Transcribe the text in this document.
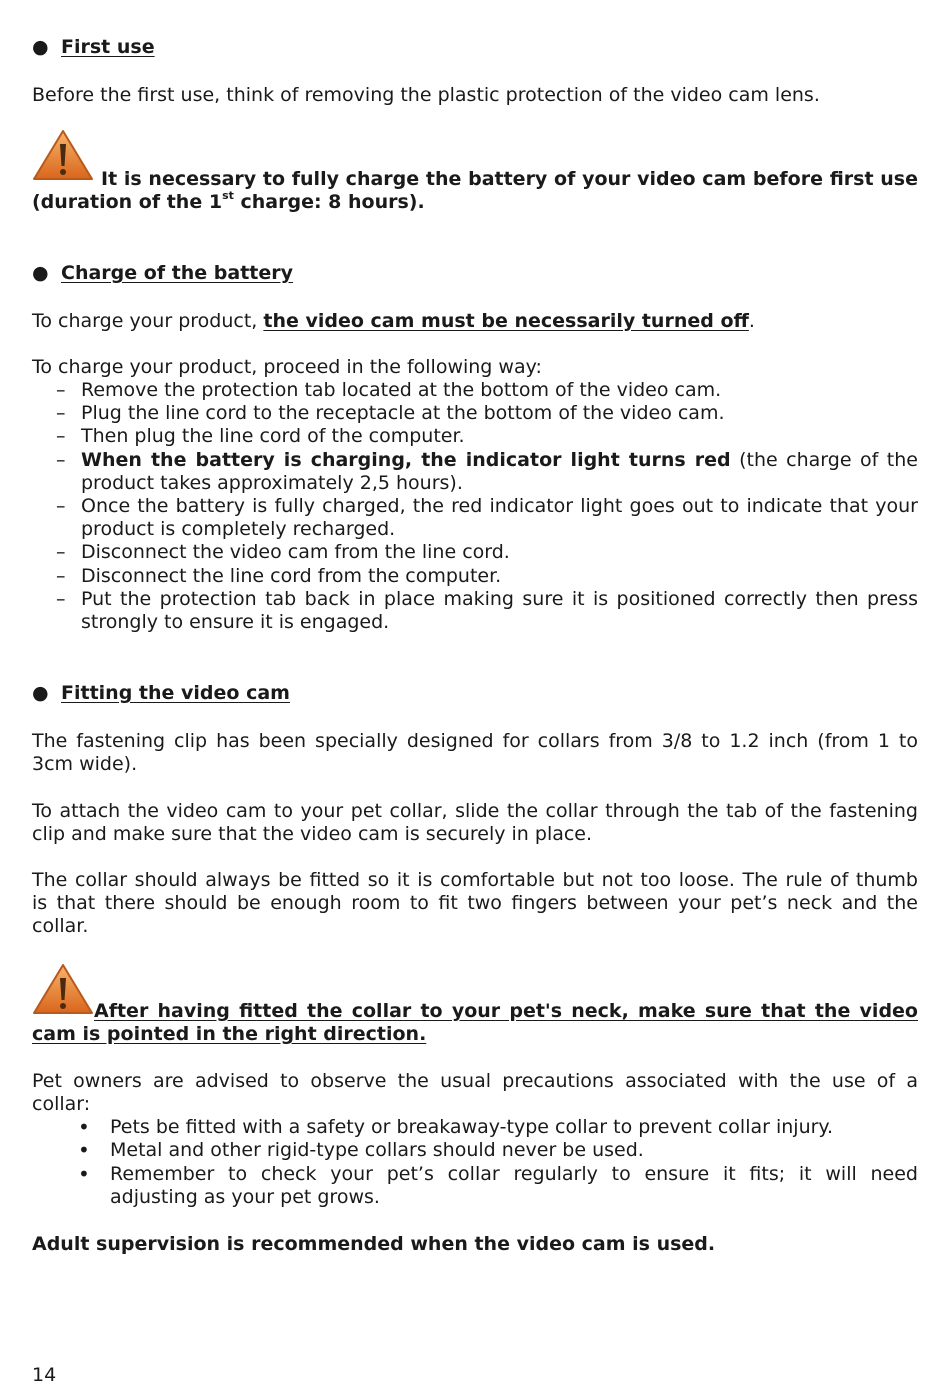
● First use
Before the first use, think of removing the plastic protection of the video cam lens.
It is necessary to fully charge the battery of your video cam before first use
(duration of the 1st charge: 8 hours).
● Charge of the battery
To charge your product, the video cam must be necessarily turned off.
To charge your product, proceed in the following way:
– Remove the protection tab located at the bottom of the video cam.
– Plug the line cord to the receptacle at the bottom of the video cam.
– Then plug the line cord of the computer.
– When the battery is charging, the indicator light turns red (the charge of the
product takes approximately 2,5 hours).
– Once the battery is fully charged, the red indicator light goes out to indicate that your
product is completely recharged.
– Disconnect the video cam from the line cord.
– Disconnect the line cord from the computer.
– Put the protection tab back in place making sure it is positioned correctly then press
strongly to ensure it is engaged.
● Fitting the video cam
The fastening clip has been specially designed for collars from 3/8 to 1.2 inch (from 1 to
3cm wide).
To attach the video cam to your pet collar, slide the collar through the tab of the fastening
clip and make sure that the video cam is securely in place.
The collar should always be fitted so it is comfortable but not too loose. The rule of thumb
is that there should be enough room to fit two fingers between your pet’s neck and the
collar.
After having fitted the collar to your pet's neck, make sure that the video
cam is pointed in the right direction.
Pet owners are advised to observe the usual precautions associated with the use of a
collar:
• Pets be fitted with a safety or breakaway-type collar to prevent collar injury.
• Metal and other rigid-type collars should never be used.
• Remember to check your pet’s collar regularly to ensure it fits; it will need
adjusting as your pet grows.
Adult supervision is recommended when the video cam is used.
14
